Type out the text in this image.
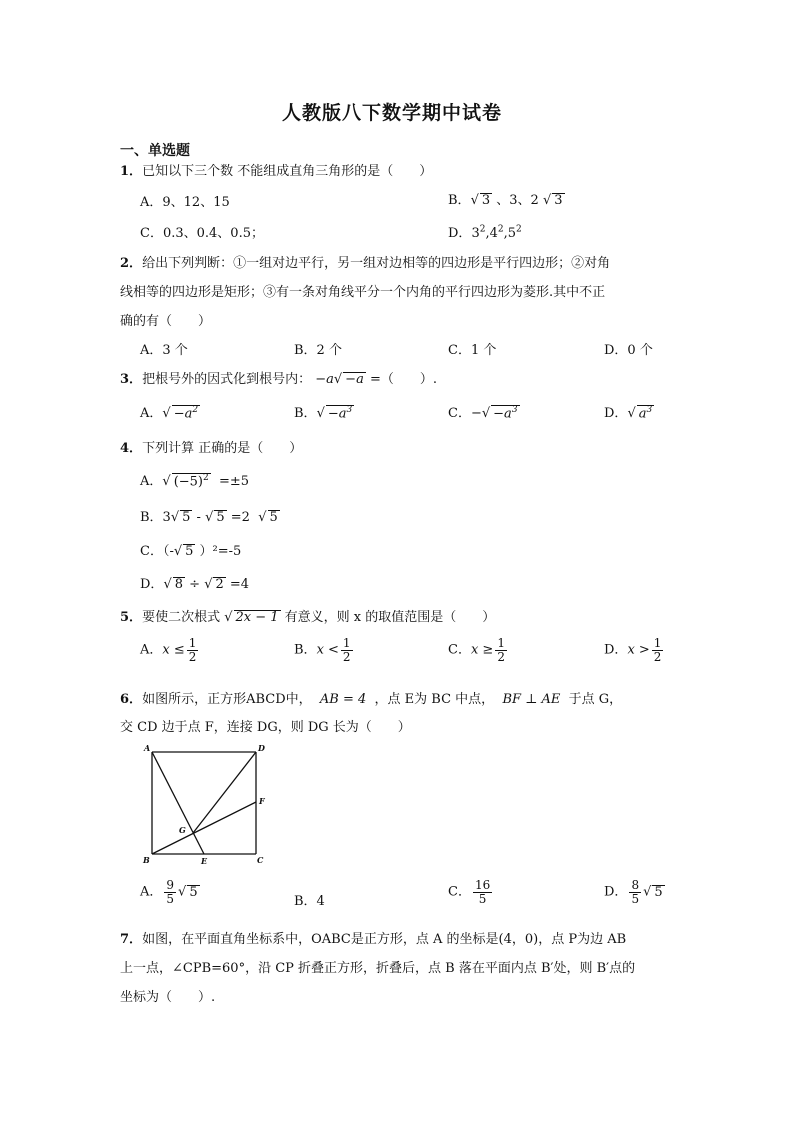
人教版八下数学期中试卷
一、单选题
1．已知以下三个数 不能组成直角三角形的是（　　）
A．9、12、15	B．√ 3 、3、2 √ 3
C．0.3、0.4、0.5；	D．$3^2,4^2,5^2$
2．给出下列判断：①一组对边平行，另一组对边相等的四边形是平行四边形；②对角
线相等的四边形是矩形；③有一条对角线平分一个内角的平行四边形为菱形.其中不正
确的有（　　）
A．3 个	B．2 个	C．1 个	D．0 个
3．把根号外的因式化到根号内： −a√ −a =（　　）.
A．√ $-a^2$	B．√ $-a^3$	C．−√ $-a^3$	D．√ $a^3$
4．下列计算 正确的是（　　）
A．√ $(-5)^2 =\pm 5$
B．3√ 5 - √ 5 =2  √ 5
C．（-√ 5 ）²=-5
D．√ 8 ÷ √ 2 =4
5．要使二次根式 √ 2x − 1 有意义，则 x 的取值范围是（　　）
A．$x \le \frac{1}{2}$	B．$x < \frac{1}{2}$	C．$x \ge \frac{1}{2}$	D．$x > \frac{1}{2}$
6．如图所示，正方形ABCD中， AB = 4 ，点 E为 BC 中点， BF ⊥ AE 于点 G，
交 CD 边于点 F，连接 DG，则 DG 长为（　　）
A	D
F
G
B	E	C
A． $\frac{9}{5}$ √ 5
B．4
C． $\frac{16}{5}$	D． $\frac{8}{5}$ √ 5
7．如图，在平面直角坐标系中，OABC是正方形，点 A 的坐标是(4，0)，点 P为边 AB
上一点，∠CPB=60°，沿 CP 折叠正方形，折叠后，点 B 落在平面内点 B′处，则 B′点的
坐标为（　　）.
